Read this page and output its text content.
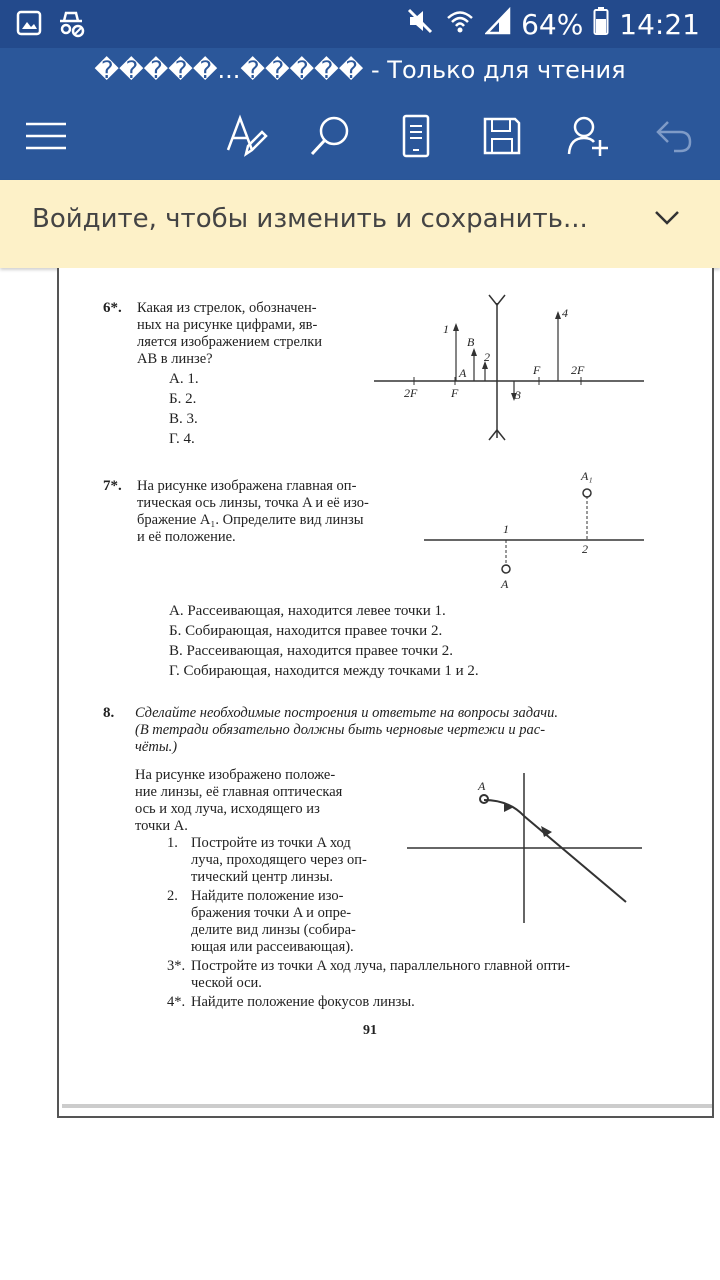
64% 14:21
�����...����� - Только для чтения
Войдите, чтобы изменить и сохранить...
6*. Какая из стрелок, обозначен-
ных на рисунке цифрами, яв-
ляется изображением стрелки
AB в линзе?
А. 1.
Б. 2.
В. 3.
Г. 4.
1
B
2
A
4
F	2F
2F	F	3
7*. На рисунке изображена главная оп-
тическая ось линзы, точка A и её изо-
бражение A₁. Определите вид линзы
и её положение.
A₁
1
2
A
А. Рассеивающая, находится левее точки 1.
Б. Собирающая, находится правее точки 2.
В. Рассеивающая, находится правее точки 2.
Г. Собирающая, находится между точками 1 и 2.
8. Сделайте необходимые построения и ответьте на вопросы задачи.
(В тетради обязательно должны быть черновые чертежи и рас-
чёты.)
На рисунке изображено положе-
ние линзы, её главная оптическая
ось и ход луча, исходящего из
точки A.
A
1. Постройте из точки A ход
луча, проходящего через оп-
тический центр линзы.
2. Найдите положение изо-
бражения точки A и опре-
делите вид линзы (собира-
ющая или рассеивающая).
3*. Постройте из точки A ход луча, параллельного главной опти-
ческой оси.
4*. Найдите положение фокусов линзы.
91
